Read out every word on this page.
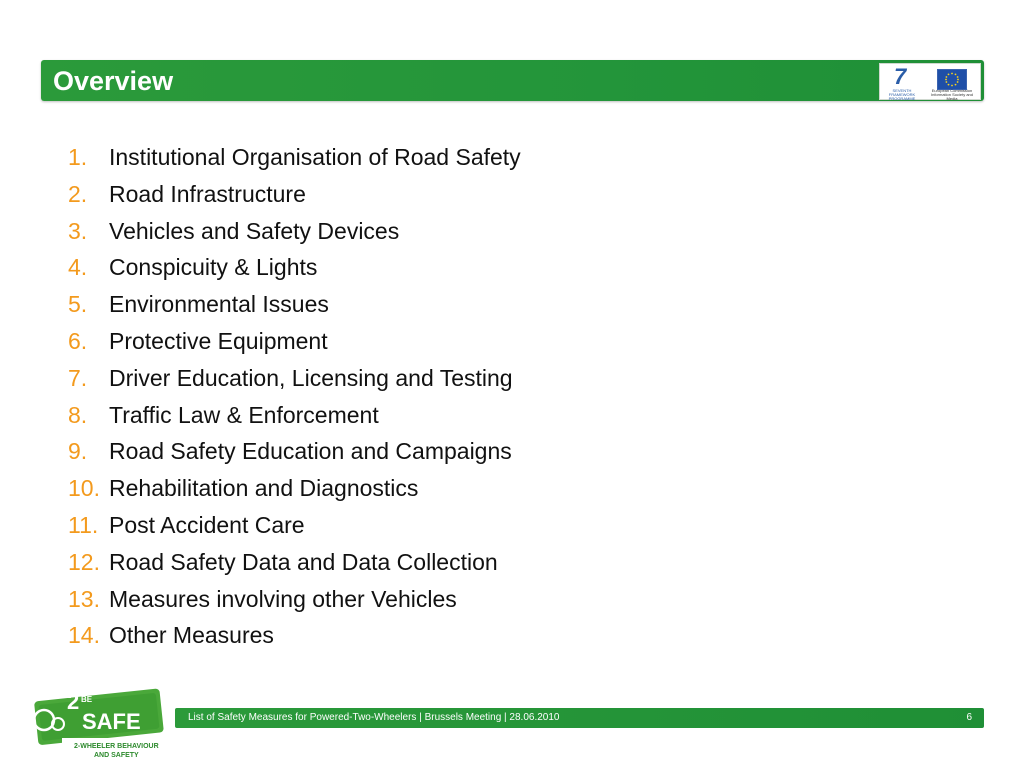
Overview	7
SEVENTH FRAMEWORK PROGRAMME
European Commission Information Society and Media
1. Institutional Organisation of Road Safety
2. Road Infrastructure
3. Vehicles and Safety Devices
4. Conspicuity & Lights
5. Environmental Issues
6. Protective Equipment
7. Driver Education, Licensing and Testing
8. Traffic Law & Enforcement
9. Road Safety Education and Campaigns
10. Rehabilitation and Diagnostics
11. Post Accident Care
12. Road Safety Data and Data Collection
13. Measures involving other Vehicles
14. Other Measures
2 BE
SAFE
2-WHEELER BEHAVIOUR
AND SAFETY
List of Safety Measures for Powered-Two-Wheelers | Brussels Meeting | 28.06.2010	6
